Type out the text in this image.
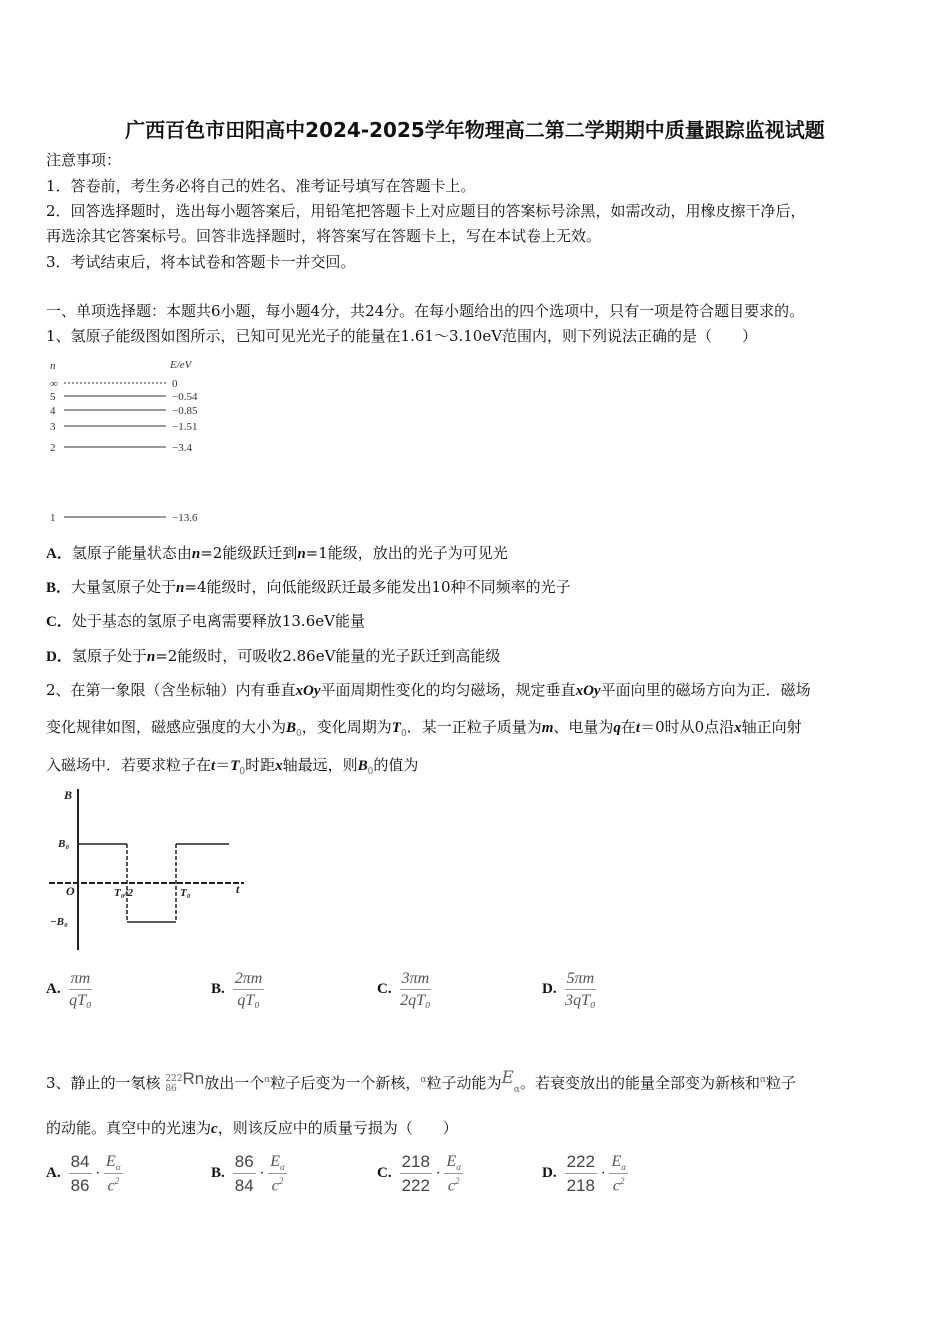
广西百色市田阳高中2024-2025学年物理高二第二学期期中质量跟踪监视试题
注意事项：
1．答卷前，考生务必将自己的姓名、准考证号填写在答题卡上。
2．回答选择题时，选出每小题答案后，用铅笔把答题卡上对应题目的答案标号涂黑，如需改动，用橡皮擦干净后，
再选涂其它答案标号。回答非选择题时，将答案写在答题卡上，写在本试卷上无效。
3．考试结束后，将本试卷和答题卡一并交回。
一、单项选择题：本题共6小题，每小题4分，共24分。在每小题给出的四个选项中，只有一项是符合题目要求的。
1、氢原子能级图如图所示，已知可见光光子的能量在1.61～3.10eV范围内，则下列说法正确的是（　　）
n	E/eV
∞	0
5	−0.54
4	−0.85
3	−1.51
2	−3.4
1	−13.6
A．氢原子能量状态由n=2能级跃迁到n=1能级，放出的光子为可见光
B．大量氢原子处于n=4能级时，向低能级跃迁最多能发出10种不同频率的光子
C．处于基态的氢原子电离需要释放13.6eV能量
D．氢原子处于n=2能级时，可吸收2.86eV能量的光子跃迁到高能级
2、在第一象限（含坐标轴）内有垂直xOy平面周期性变化的均匀磁场，规定垂直xOy平面向里的磁场方向为正．磁场
变化规律如图，磁感应强度的大小为$B_0$，变化周期为$T_0$．某一正粒子质量为m、电量为q在t＝0时从0点沿x轴正向射
入磁场中．若要求粒子在$t=T_0$时距x轴最远，则$B_0$的值为
B
B₀
−B₀
O	T₀/2	T₀	t
A. $\frac{\pi m}{\text{qT₀}}$	B. $\frac{2\pi m}{\text{qT₀}}$	C. $\frac{3\pi m}{\text{2qT₀}}$	D. $\frac{5\pi m}{\text{3qT₀}}$
3、静止的一氡核 222
86
Rn放出一个$^\alpha$粒子后变为一个新核，$^\alpha$粒子动能为$E_\alpha$。若衰变放出的能量全部变为新核和$^\alpha$粒子
的动能。真空中的光速为c，则该反应中的质量亏损为（　　）
A. $\frac{84}{86} \cdot \frac{E_\alpha}{c^2}$	B. $\frac{86}{84} \cdot \frac{E_\alpha}{c^2}$	C. $\frac{218}{222} \cdot \frac{E_\alpha}{c^2}$	D. $\frac{222}{218} \cdot \frac{E_\alpha}{c^2}$
